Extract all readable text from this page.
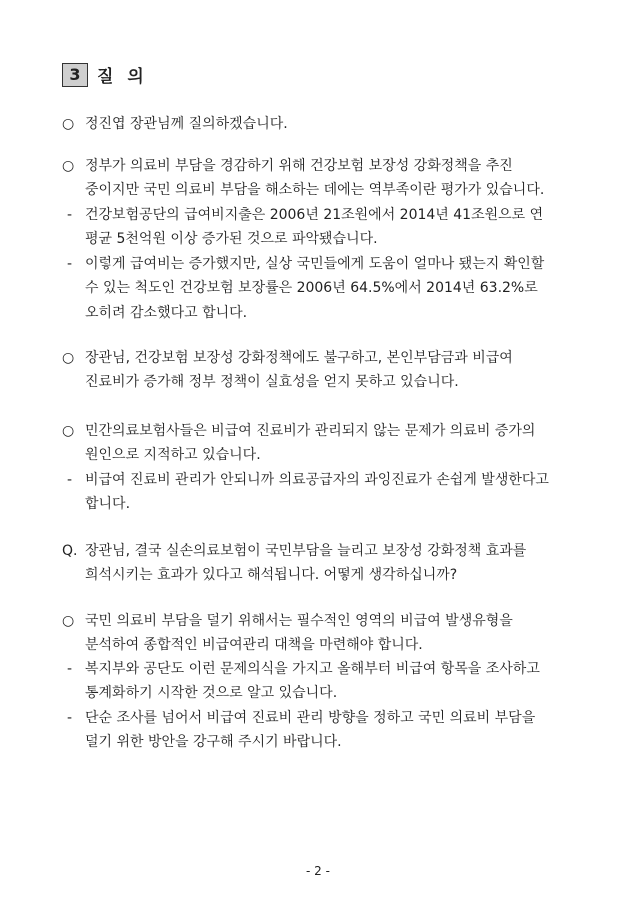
3 질 의
○ 정진엽 장관님께 질의하겠습니다.
○ 정부가 의료비 부담을 경감하기 위해 건강보험 보장성 강화정책을 추진
중이지만 국민 의료비 부담을 해소하는 데에는 역부족이란 평가가 있습니다.
- 건강보험공단의 급여비지출은 2006년 21조원에서 2014년 41조원으로 연
평균 5천억원 이상 증가된 것으로 파악됐습니다.
- 이렇게 급여비는 증가했지만, 실상 국민들에게 도움이 얼마나 됐는지 확인할
수 있는 척도인 건강보험 보장률은 2006년 64.5%에서 2014년 63.2%로
오히려 감소했다고 합니다.
○ 장관님, 건강보험 보장성 강화정책에도 불구하고, 본인부담금과 비급여
진료비가 증가해 정부 정책이 실효성을 얻지 못하고 있습니다.
○ 민간의료보험사들은 비급여 진료비가 관리되지 않는 문제가 의료비 증가의
원인으로 지적하고 있습니다.
- 비급여 진료비 관리가 안되니까 의료공급자의 과잉진료가 손쉽게 발생한다고
합니다.
Q. 장관님, 결국 실손의료보험이 국민부담을 늘리고 보장성 강화정책 효과를
희석시키는 효과가 있다고 해석됩니다. 어떻게 생각하십니까?
○ 국민 의료비 부담을 덜기 위해서는 필수적인 영역의 비급여 발생유형을
분석하여 종합적인 비급여관리 대책을 마련해야 합니다.
- 복지부와 공단도 이런 문제의식을 가지고 올해부터 비급여 항목을 조사하고
통계화하기 시작한 것으로 알고 있습니다.
- 단순 조사를 넘어서 비급여 진료비 관리 방향을 정하고 국민 의료비 부담을
덜기 위한 방안을 강구해 주시기 바랍니다.
- 2 -
